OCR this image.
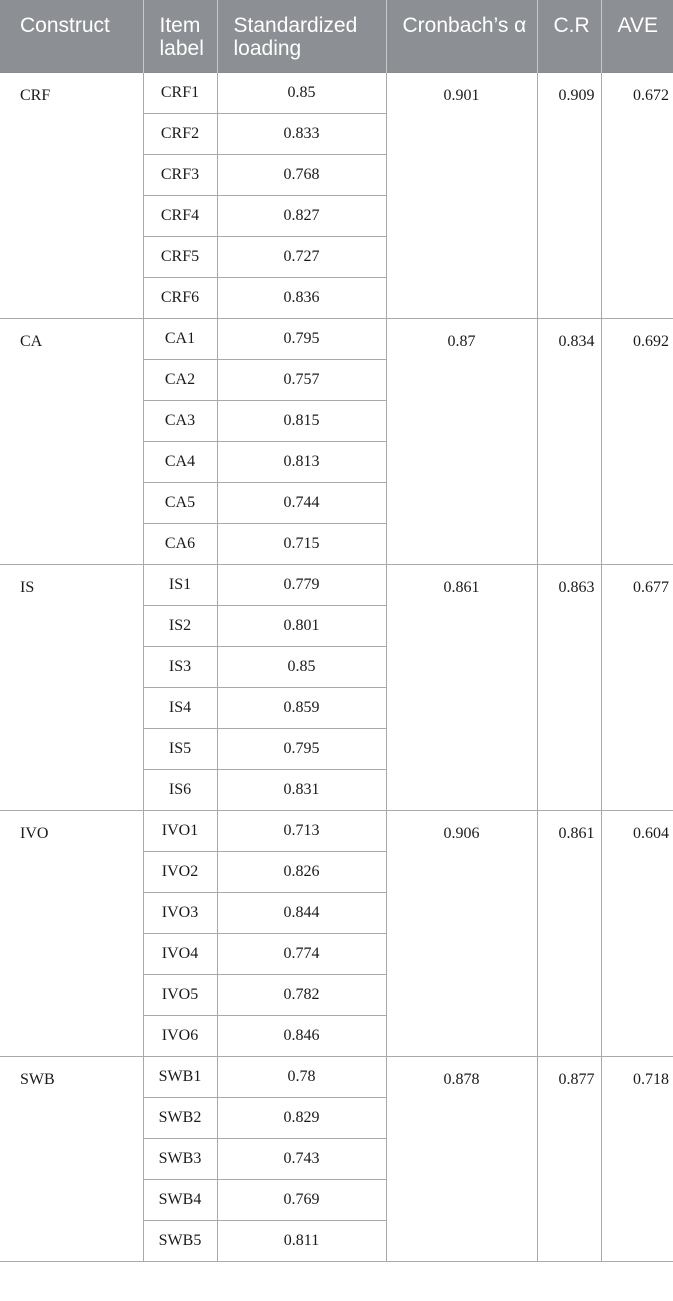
Construct	Item label	Standardized loading	Cronbach’s α	C.R	AVE
CRF	CRF1	0.85	0.901	0.909	0.672
	CRF2	0.833			
	CRF3	0.768			
	CRF4	0.827			
	CRF5	0.727			
	CRF6	0.836			
CA	CA1	0.795	0.87	0.834	0.692
	CA2	0.757			
	CA3	0.815			
	CA4	0.813			
	CA5	0.744			
	CA6	0.715			
IS	IS1	0.779	0.861	0.863	0.677
	IS2	0.801			
	IS3	0.85			
	IS4	0.859			
	IS5	0.795			
	IS6	0.831			
IVO	IVO1	0.713	0.906	0.861	0.604
	IVO2	0.826			
	IVO3	0.844			
	IVO4	0.774			
	IVO5	0.782			
	IVO6	0.846			
SWB	SWB1	0.78	0.878	0.877	0.718
	SWB2	0.829			
	SWB3	0.743			
	SWB4	0.769			
	SWB5	0.811			
